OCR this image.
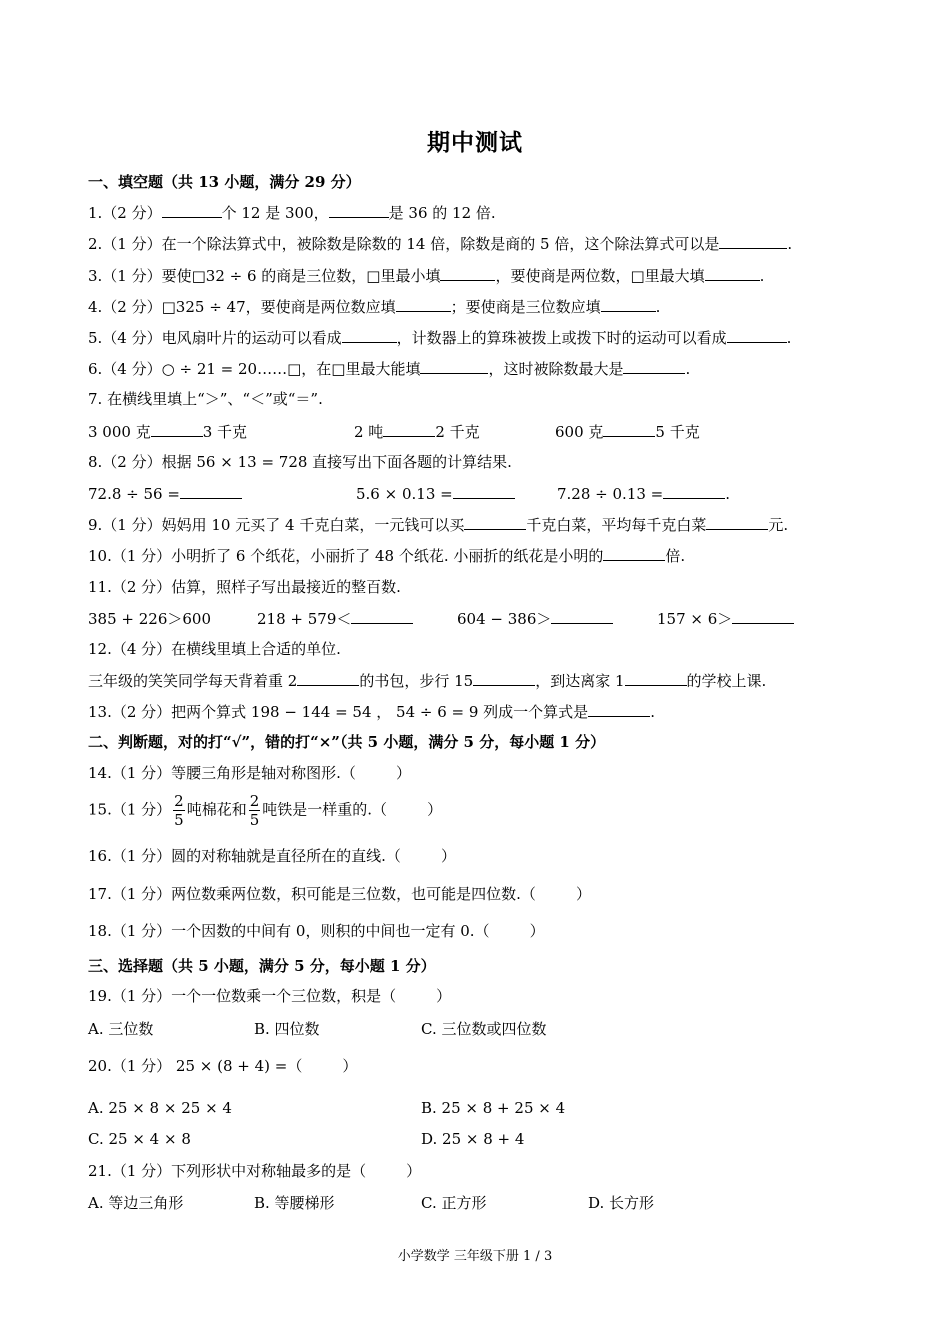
期中测试
一、填空题（共 13 小题，满分 29 分）
1.（2 分）	个 12 是 300，	是 36 的 12 倍.
2.（1 分）在一个除法算式中，被除数是除数的 14 倍，除数是商的 5 倍，这个除法算式可以是	.
3.（1 分）要使□32 ÷ 6 的商是三位数，□里最小填	，要使商是两位数，□里最大填	.
4.（2 分）□325 ÷ 47，要使商是两位数应填	；要使商是三位数应填	.
5.（4 分）电风扇叶片的运动可以看成	，计数器上的算珠被拨上或拨下时的运动可以看成	.
6.（4 分）○ ÷ 21 = 20……□，在□里最大能填	，这时被除数最大是	.
7. 在横线里填上“＞”、“＜”或“＝”.
3 000 克	3 千克	2 吨	2 千克	600 克	5 千克
8.（2 分）根据 56 × 13 = 728 直接写出下面各题的计算结果.
72.8 ÷ 56 =	5.6 × 0.13 =	7.28 ÷ 0.13 =	.
9.（1 分）妈妈用 10 元买了 4 千克白菜，一元钱可以买	千克白菜，平均每千克白菜	元.
10.（1 分）小明折了 6 个纸花，小丽折了 48 个纸花. 小丽折的纸花是小明的	倍.
11.（2 分）估算，照样子写出最接近的整百数.
385 + 226＞600	218 + 579＜	604 − 386＞	157 × 6＞
12.（4 分）在横线里填上合适的单位.
三年级的笑笑同学每天背着重 2	的书包，步行 15	，到达离家 1	的学校上课.
13.（2 分）把两个算式 198 − 144 = 54 ， 54 ÷ 6 = 9 列成一个算式是	.
二、判断题，对的打“√”，错的打“×”（共 5 小题，满分 5 分，每小题 1 分）
14.（1 分）等腰三角形是轴对称图形.（	）
15.（1 分） $\frac{2}{5}$ 吨棉花和 $\frac{2}{5}$ 吨铁是一样重的.（	）
16.（1 分）圆的对称轴就是直径所在的直线.（	）
17.（1 分）两位数乘两位数，积可能是三位数，也可能是四位数.（	）
18.（1 分）一个因数的中间有 0，则积的中间也一定有 0.（	）
三、选择题（共 5 小题，满分 5 分，每小题 1 分）
19.（1 分）一个一位数乘一个三位数，积是（	）
A. 三位数	B. 四位数	C. 三位数或四位数
20.（1 分） 25 × (8 + 4) =（	）
A. 25 × 8 × 25 × 4	B. 25 × 8 + 25 × 4
C. 25 × 4 × 8	D. 25 × 8 + 4
21.（1 分）下列形状中对称轴最多的是（	）
A. 等边三角形	B. 等腰梯形	C. 正方形	D. 长方形
小学数学 三年级下册 1 / 3
